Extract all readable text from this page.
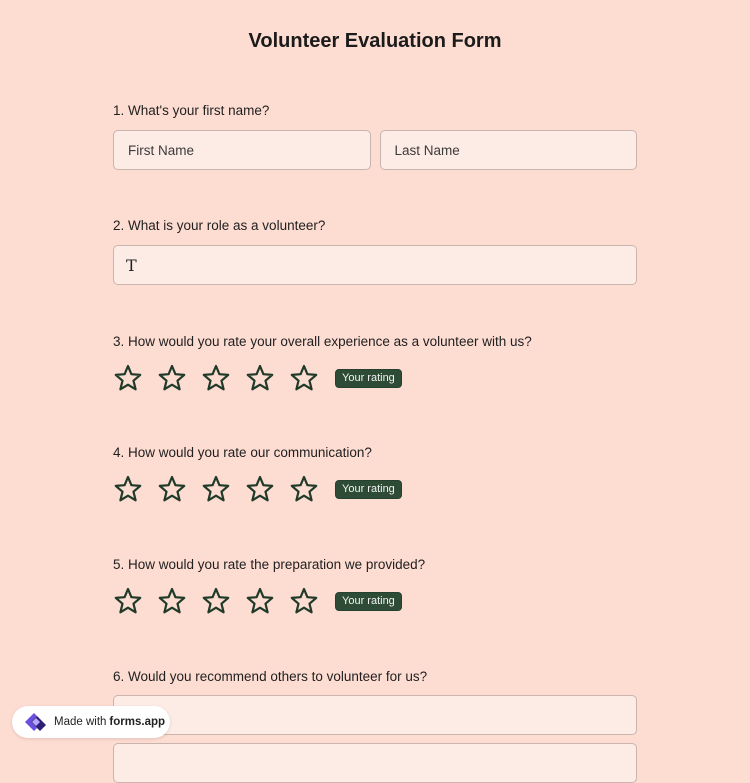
Volunteer Evaluation Form
1. What's your first name?
First Name	Last Name
2. What is your role as a volunteer?
T
3. How would you rate your overall experience as a volunteer with us?
Your rating
4. How would you rate our communication?
Your rating
5. How would you rate the preparation we provided?
Your rating
6. Would you recommend others to volunteer for us?
Made with forms.app
